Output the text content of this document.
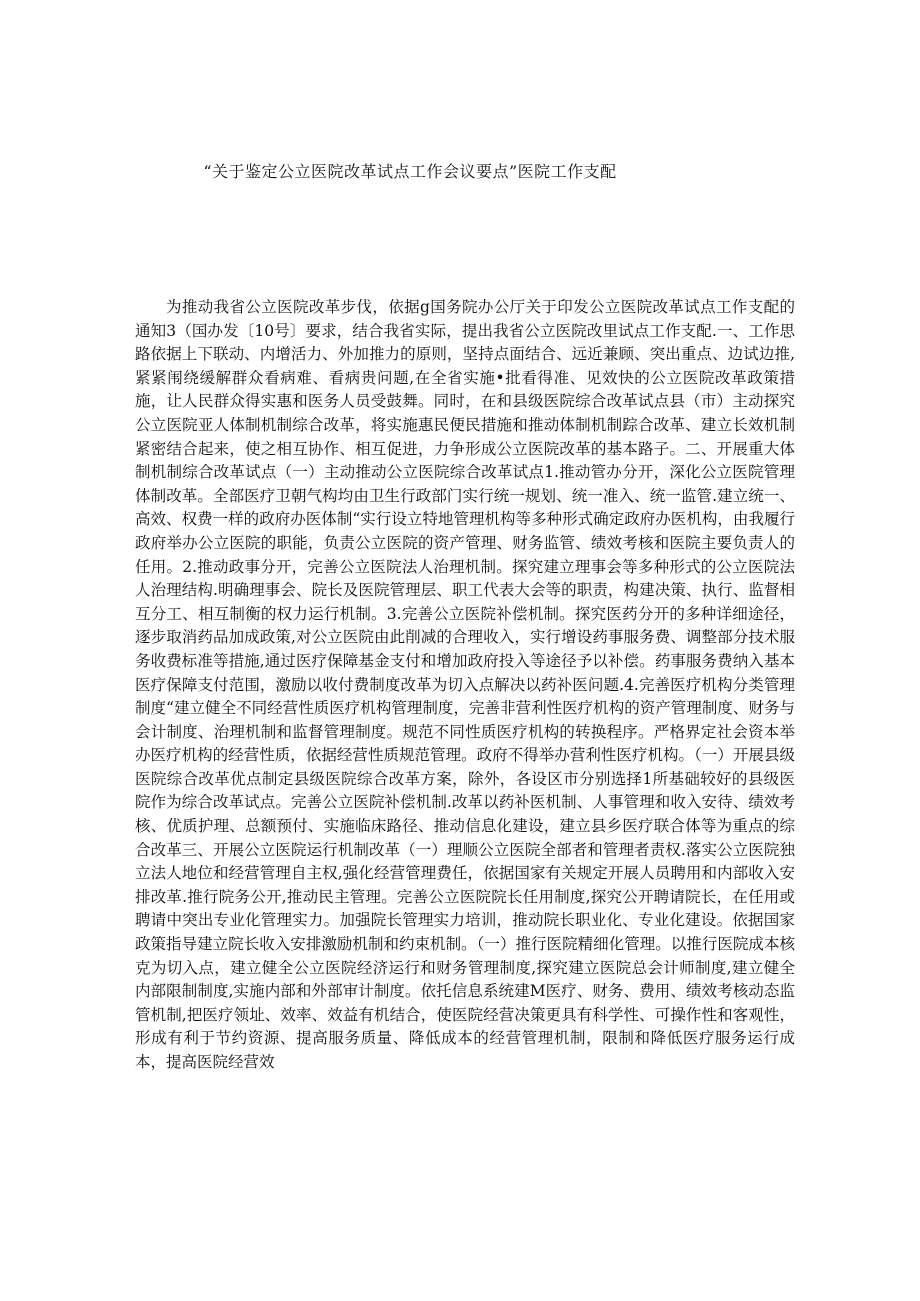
“关于鉴定公立医院改革试点工作会议要点”医院工作支配

为推动我省公立医院改革步伐，依据g国务院办公厅关于印发公立医院改革试点工作支配的通知3（国办发〔10号〕要求，结合我省实际，提出我省公立医院改里试点工作支配.一、工作思路依据上下联动、内增活力、外加推力的原则，坚持点面结合、远近兼顾、突出重点、边试边推,紧紧闱绕缓解群众看病难、看病贵问题,在全省实施•批看得准、见效快的公立医院改革政策措施，让人民群众得实惠和医务人员受鼓舞。同时，在和县级医院综合改革试点县（市）主动探究公立医院亚人体制机制综合改革，将实施惠民便民措施和推动体制机制踪合改革、建立长效机制紧密结合起来，使之相互协作、相互促进，力争形成公立医院改革的基本路子。二、开展重大体制机制综合改革试点（一）主动推动公立医院综合改革试点1.推动管办分开，深化公立医院管理体制改革。全部医疗卫朝气构均由卫生行政部门实行统一规划、统一准入、统一监管.建立统一、高效、权费一样的政府办医体制“实行设立特地管理机构等多种形式确定政府办医机构，由我履行政府举办公立医院的职能，负责公立医院的资产管理、财务监管、绩效考核和医院主要负责人的任用。2.推动政事分开，完善公立医院法人治理机制。探究建立理事会等多种形式的公立医院法人治理结构.明确理事会、院长及医院管理层、职工代表大会等的职责，构建决策、执行、监督相互分工、相互制衡的权力运行机制。3.完善公立医院补偿机制。探究医药分开的多种详细途径，逐步取消药品加成政策,对公立医院由此削减的合理收入，实行增设药事服务费、调整部分技术服务收费标准等措施,通过医疗保障基金支付和增加政府投入等途径予以补偿。药事服务费纳入基本医疗保障支付范围，激励以收付费制度改革为切入点解决以药补医问题.4.完善医疗机构分类管理制度“建立健全不同经营性质医疗机构管理制度，完善非营利性医疗机构的资产管理制度、财务与会计制度、治理机制和监督管理制度。规范不同性质医疗机构的转换程序。严格界定社会资本举办医疗机构的经营性质，依据经营性质规范管理。政府不得举办营利性医疗机构。（一）开展县级医院综合改革优点制定县级医院综合改革方案，除外，各设区市分别选择1所基础较好的县级医院作为综合改革试点。完善公立医院补偿机制.改革以药补医机制、人事管理和收入安待、绩效考核、优质护理、总额预付、实施临床路径、推动信息化建设，建立县乡医疗联合体等为重点的综合改革三、开展公立医院运行机制改革（一）理顺公立医院全部者和管理者责权.落实公立医院独立法人地位和经营管理自主权,强化经营管理费任，依据国家有关规定开展人员聘用和内部收入安排改革.推行院务公开,推动民主管理。完善公立医院院长任用制度,探究公开聘请院长，在任用或聘请中突出专业化管理实力。加强院长管理实力培训，推动院长职业化、专业化建设。依据国家政策指导建立院长收入安排激励机制和约束机制。（一）推行医院精细化管理。以推行医院成本核克为切入点，建立健全公立医院经济运行和财务管理制度,探究建立医院总会计师制度,建立健全内部限制制度,实施内部和外部审计制度。依托信息系统建M医疗、财务、费用、绩效考核动态监管机制,把医疗领址、效率、效益有机结合，使医院经营决策更具有科学性、可操作性和客观性，形成有利于节约资源、提高服务质量、降低成本的经营管理机制，限制和降低医疗服务运行成本，提高医院经营效
